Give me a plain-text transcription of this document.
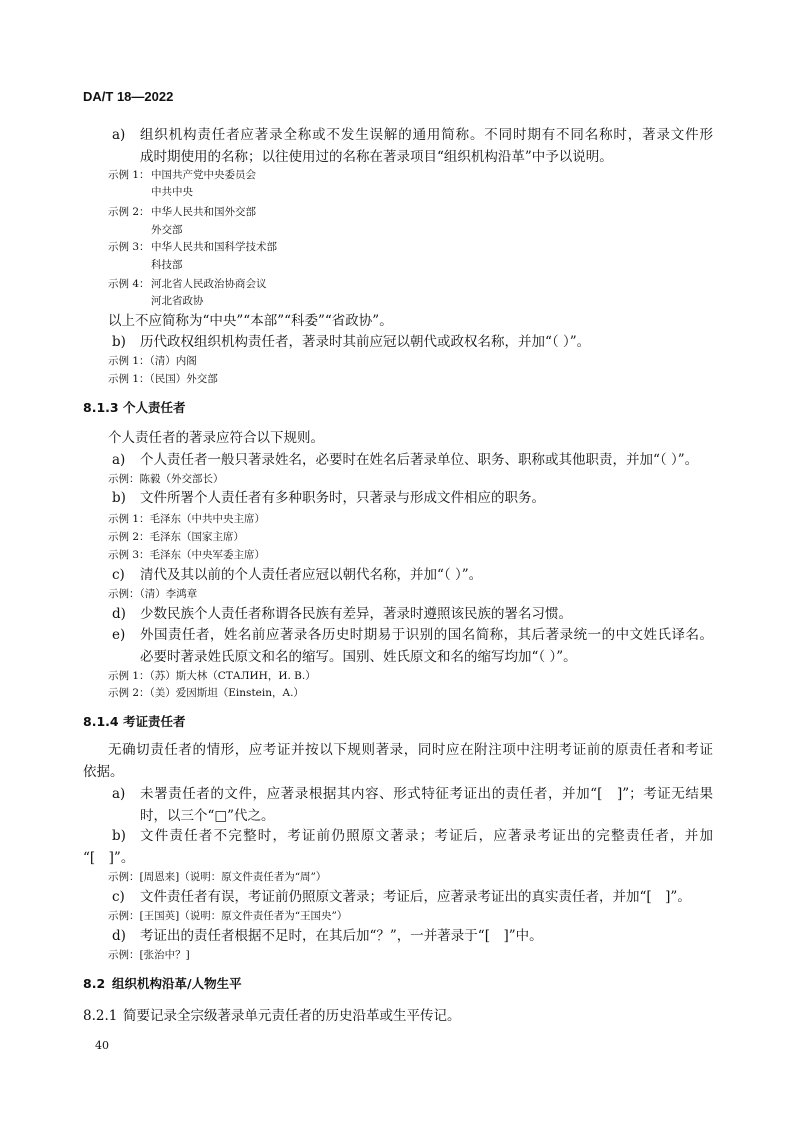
DA/T 18—2022
a) 组织机构责任者应著录全称或不发生误解的通用简称。不同时期有不同名称时，著录文件形
成时期使用的名称；以往使用过的名称在著录项目“组织机构沿革”中予以说明。
示例 1： 中国共产党中央委员会
中共中央
示例 2： 中华人民共和国外交部
外交部
示例 3： 中华人民共和国科学技术部
科技部
示例 4： 河北省人民政治协商会议
河北省政协
以上不应简称为“中央”“本部”“科委”“省政协”。
b) 历代政权组织机构责任者，著录时其前应冠以朝代或政权名称，并加“（ ）”。
示例 1：（清）内阁
示例 1：（民国）外交部
8.1.3 个人责任者
个人责任者的著录应符合以下规则。
a) 个人责任者一般只著录姓名，必要时在姓名后著录单位、职务、职称或其他职责，并加“（ ）”。
示例：陈毅（外交部长）
b) 文件所署个人责任者有多种职务时，只著录与形成文件相应的职务。
示例 1：毛泽东（中共中央主席）
示例 2：毛泽东（国家主席）
示例 3：毛泽东（中央军委主席）
c) 清代及其以前的个人责任者应冠以朝代名称，并加“（ ）”。
示例：（清）李鸿章
d) 少数民族个人责任者称谓各民族有差异，著录时遵照该民族的署名习惯。
e) 外国责任者，姓名前应著录各历史时期易于识别的国名简称，其后著录统一的中文姓氏译名。
必要时著录姓氏原文和名的缩写。国别、姓氏原文和名的缩写均加“（ ）”。
示例 1：（苏）斯大林（СТАЛИН，И. В.）
示例 2：（美）爱因斯坦（Einstein，A.）
8.1.4 考证责任者
无确切责任者的情形，应考证并按以下规则著录，同时应在附注项中注明考证前的原责任者和考证
依据。
a) 未署责任者的文件，应著录根据其内容、形式特征考证出的责任者，并加“[　]”；考证无结果
时，以三个“□”代之。
b) 文件责任者不完整时，考证前仍照原文著录；考证后，应著录考证出的完整责任者，并加
“[　]”。
示例：[周恩来]（说明：原文件责任者为“周”）
c) 文件责任者有误，考证前仍照原文著录；考证后，应著录考证出的真实责任者，并加“[　]”。
示例：[王国英]（说明：原文件责任者为“王国央”）
d) 考证出的责任者根据不足时，在其后加“？”，一并著录于“[　]”中。
示例：[张治中？]
8.2 组织机构沿革/人物生平
8.2.1 简要记录全宗级著录单元责任者的历史沿革或生平传记。
40
